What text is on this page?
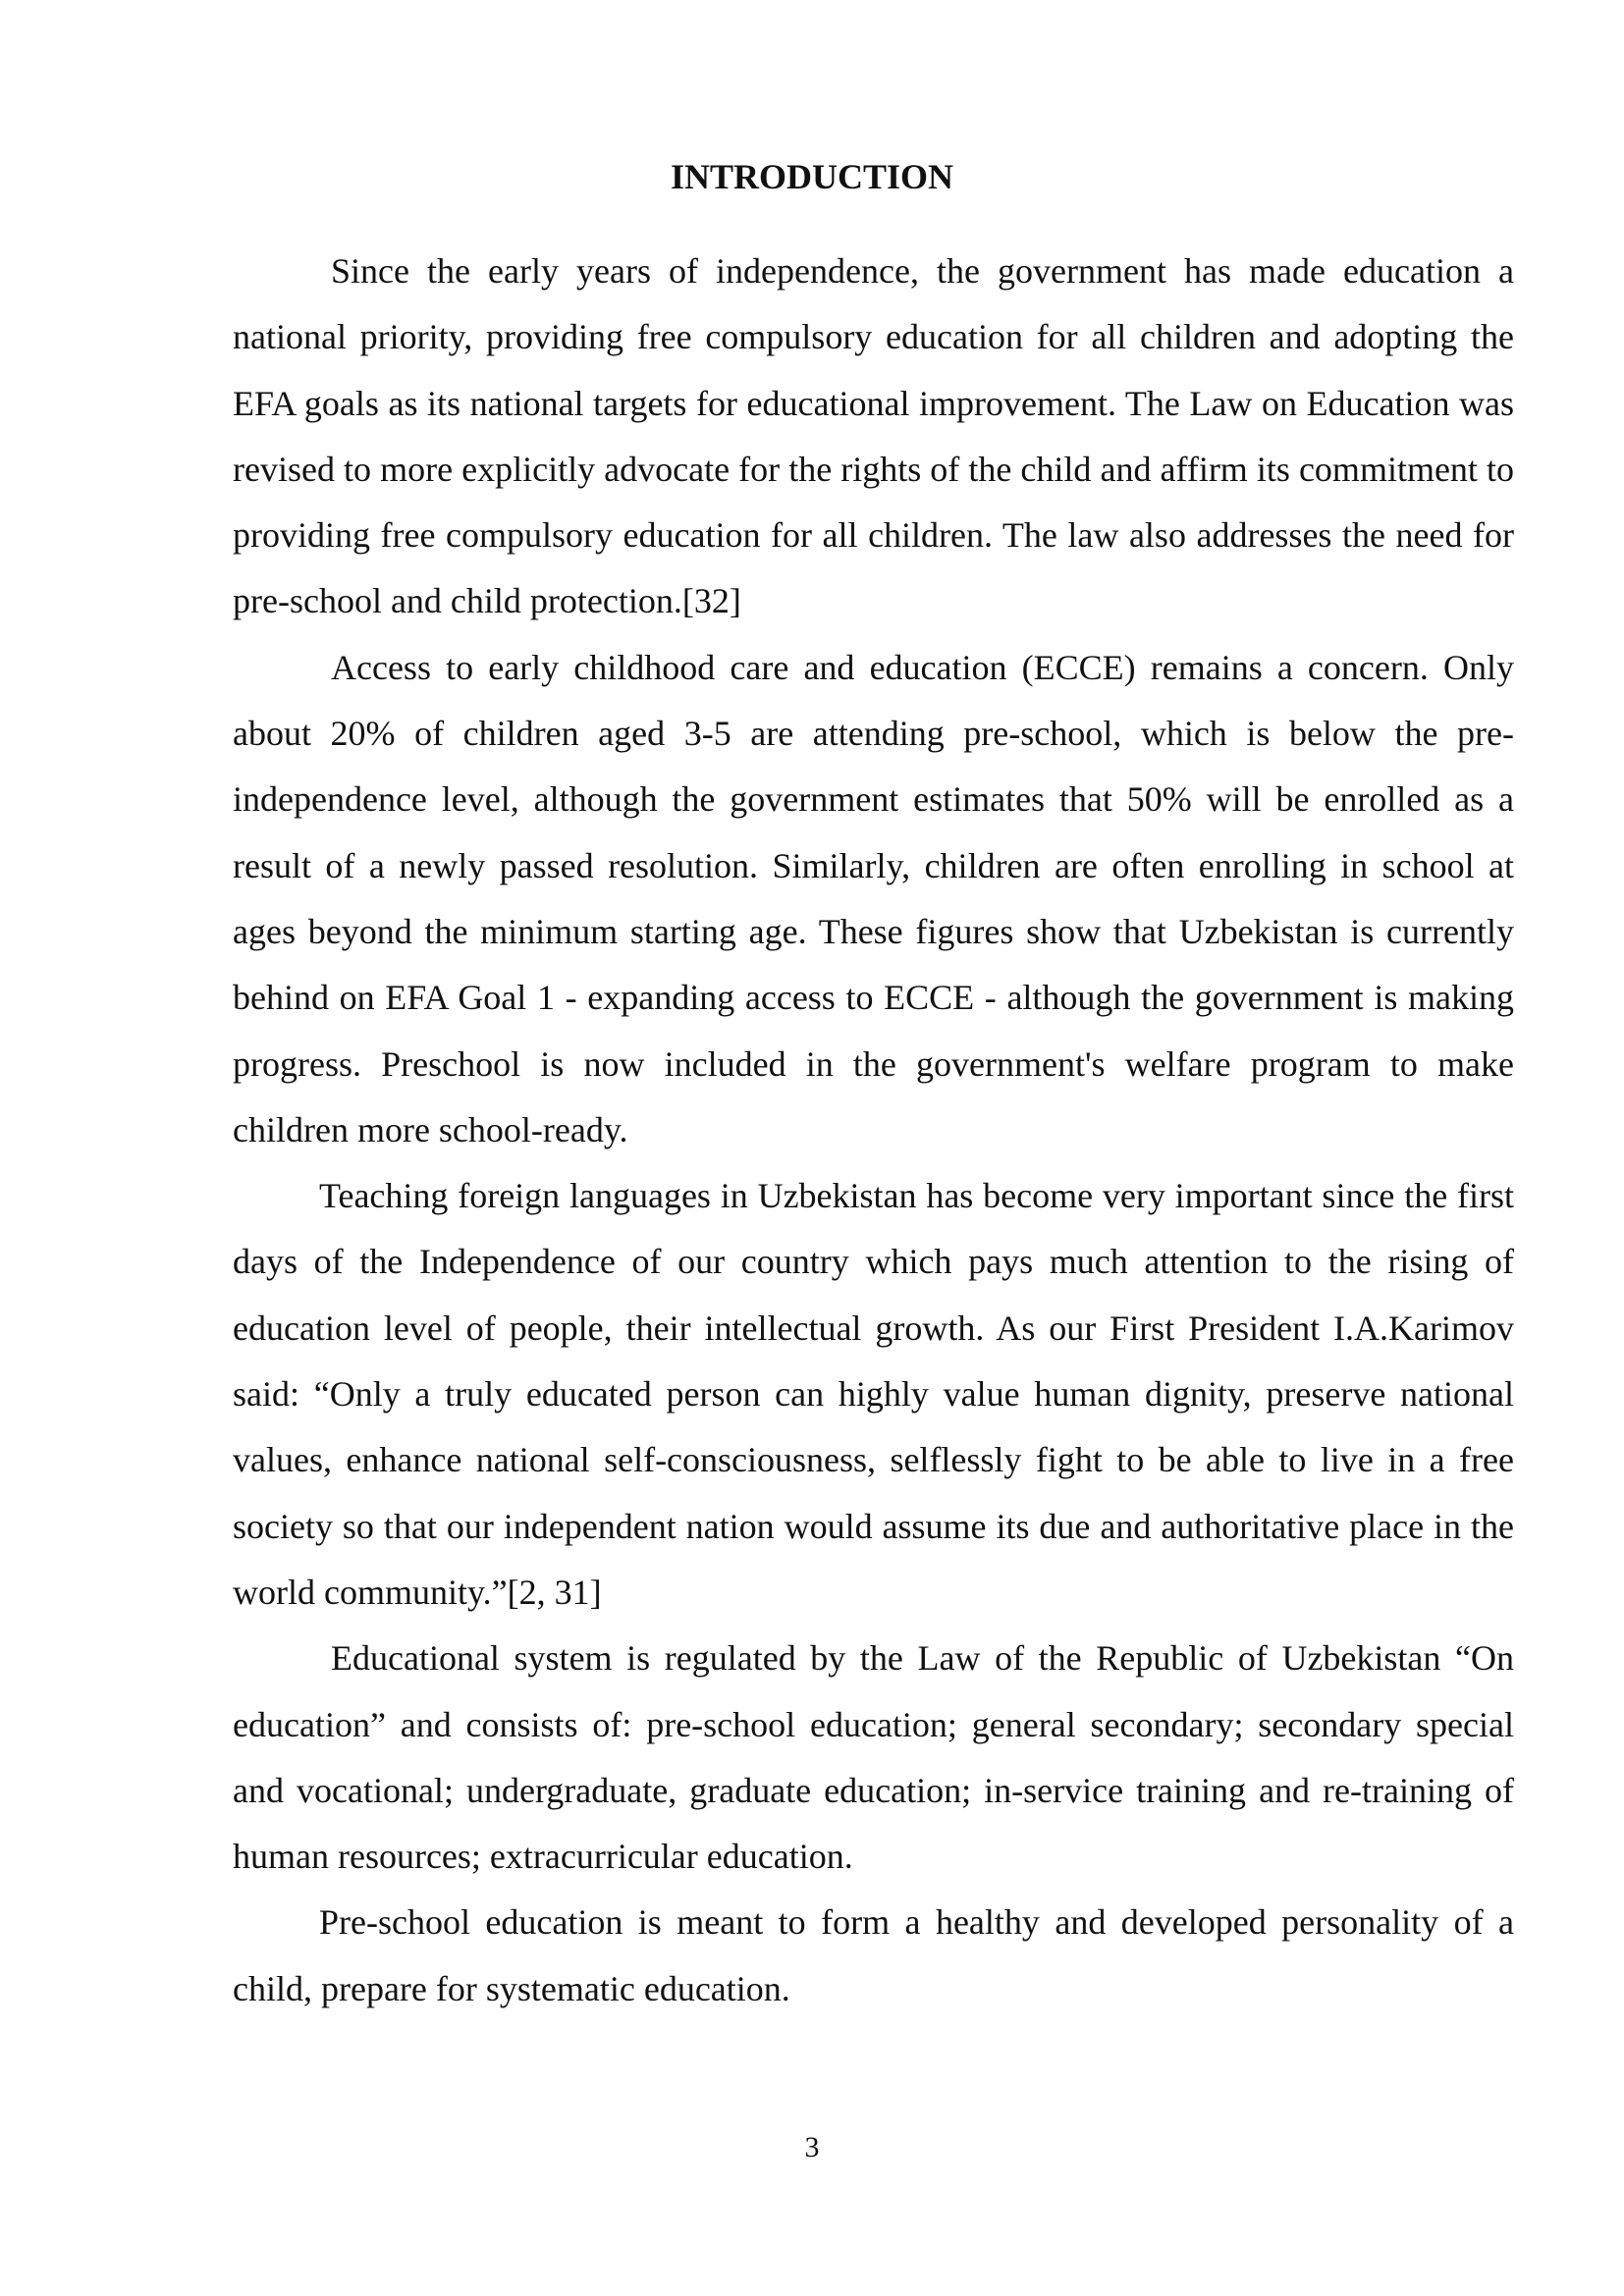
INTRODUCTION

Since the early years of independence, the government has made education a national priority, providing free compulsory education for all children and adopting the EFA goals as its national targets for educational improvement. The Law on Education was revised to more explicitly advocate for the rights of the child and affirm its commitment to providing free compulsory education for all children. The law also addresses the need for pre-school and child protection.[32]

Access to early childhood care and education (ECCE) remains a concern. Only about 20% of children aged 3-5 are attending pre-school, which is below the pre-independence level, although the government estimates that 50% will be enrolled as a result of a newly passed resolution. Similarly, children are often enrolling in school at ages beyond the minimum starting age. These figures show that Uzbekistan is currently behind on EFA Goal 1 - expanding access to ECCE - although the government is making progress. Preschool is now included in the government's welfare program to make children more school-ready.

Teaching foreign languages in Uzbekistan has become very important since the first days of the Independence of our country which pays much attention to the rising of education level of people, their intellectual growth. As our First President I.A.Karimov said: “Only a truly educated person can highly value human dignity, preserve national values, enhance national self-consciousness, selflessly fight to be able to live in a free society so that our independent nation would assume its due and authoritative place in the world community.”[2, 31]

Educational system is regulated by the Law of the Republic of Uzbekistan “On education” and consists of: pre-school education; general secondary; secondary special and vocational; undergraduate, graduate education; in-service training and re-training of human resources; extracurricular education.

Pre-school education is meant to form a healthy and developed personality of a child, prepare for systematic education.

3
